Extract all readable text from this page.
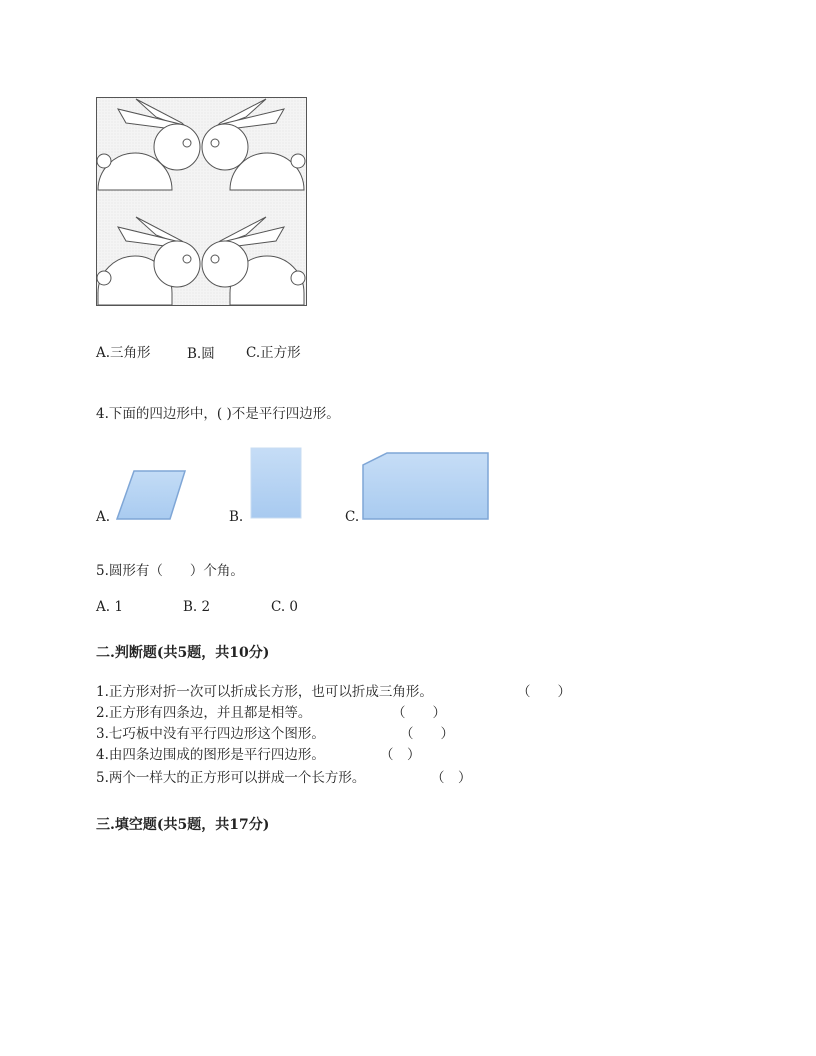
A.三角形	B.圆 C.正方形
4.下面的四边形中，( )不是平行四边形。
A.	B.	C.
5.圆形有（　　）个角。
A. 1	B. 2	C. 0
二.判断题(共5题，共10分)
1.正方形对折一次可以折成长方形，也可以折成三角形。	（　　）
2.正方形有四条边，并且都是相等。	（　　）
3.七巧板中没有平行四边形这个图形。	（　　）
4.由四条边围成的图形是平行四边形。	（　）
5.两个一样大的正方形可以拼成一个长方形。	（　）
三.填空题(共5题，共17分)
